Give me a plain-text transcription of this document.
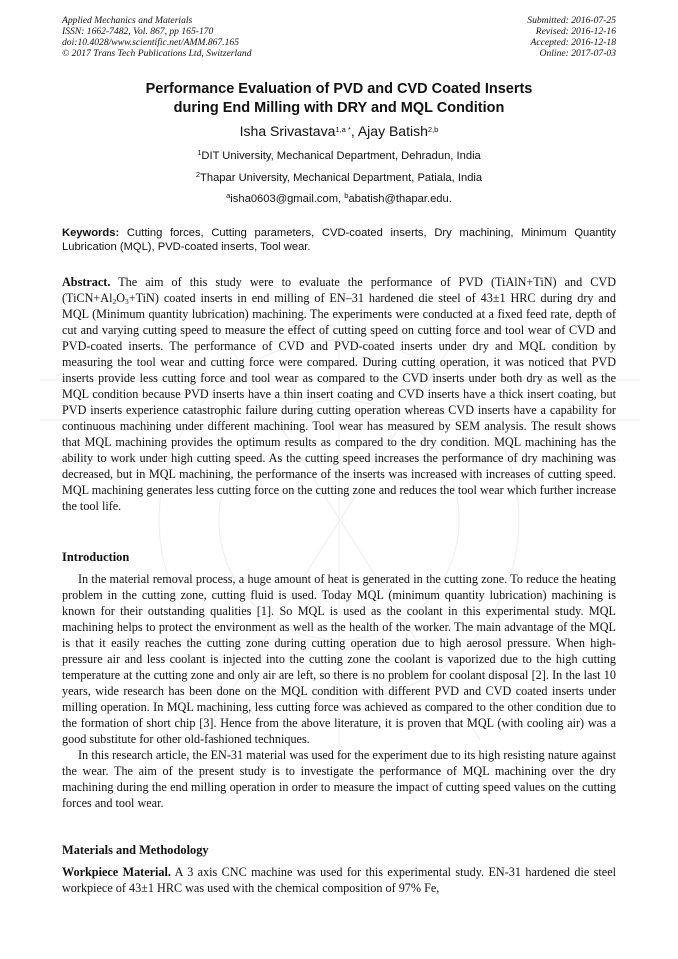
Applied Mechanics and Materials
ISSN: 1662-7482, Vol. 867, pp 165-170
doi:10.4028/www.scientific.net/AMM.867.165
© 2017 Trans Tech Publications Ltd, Switzerland
Submitted: 2016-07-25
Revised: 2016-12-16
Accepted: 2016-12-18
Online: 2017-07-03
Performance Evaluation of PVD and CVD Coated Inserts
during End Milling with DRY and MQL Condition
Isha Srivastava$^{1,a *}$, Ajay Batish$^{2,b}$
$^1$DIT University, Mechanical Department, Dehradun, India
$^2$Thapar University, Mechanical Department, Patiala, India
$^a$isha0603@gmail.com, $^b$abatish@thapar.edu.
Keywords: Cutting forces, Cutting parameters, CVD-coated inserts, Dry machining, Minimum Quantity Lubrication (MQL), PVD-coated inserts, Tool wear.

Abstract. The aim of this study were to evaluate the performance of PVD (TiAlN+TiN) and CVD $(TiCN+Al_2O_3+TiN)$ coated inserts in end milling of EN–31 hardened die steel of 43±1 HRC during dry and MQL (Minimum quantity lubrication) machining. The experiments were conducted at a fixed feed rate, depth of cut and varying cutting speed to measure the effect of cutting speed on cutting force and tool wear of CVD and PVD-coated inserts. The performance of CVD and PVD-coated inserts under dry and MQL condition by measuring the tool wear and cutting force were compared. During cutting operation, it was noticed that PVD inserts provide less cutting force and tool wear as compared to the CVD inserts under both dry as well as the MQL condition because PVD inserts have a thin insert coating and CVD inserts have a thick insert coating, but PVD inserts experience catastrophic failure during cutting operation whereas CVD inserts have a capability for continuous machining under different machining. Tool wear has measured by SEM analysis. The result shows that MQL machining provides the optimum results as compared to the dry condition. MQL machining has the ability to work under high cutting speed. As the cutting speed increases the performance of dry machining was decreased, but in MQL machining, the performance of the inserts was increased with increases of cutting speed. MQL machining generates less cutting force on the cutting zone and reduces the tool wear which further increase the tool life.

Introduction

In the material removal process, a huge amount of heat is generated in the cutting zone. To reduce the heating problem in the cutting zone, cutting fluid is used. Today MQL (minimum quantity lubrication) machining is known for their outstanding qualities [1]. So MQL is used as the coolant in this experimental study. MQL machining helps to protect the environment as well as the health of the worker. The main advantage of the MQL is that it easily reaches the cutting zone during cutting operation due to high aerosol pressure. When high-pressure air and less coolant is injected into the cutting zone the coolant is vaporized due to the high cutting temperature at the cutting zone and only air are left, so there is no problem for coolant disposal [2]. In the last 10 years, wide research has been done on the MQL condition with different PVD and CVD coated inserts under milling operation. In MQL machining, less cutting force was achieved as compared to the other condition due to the formation of short chip [3]. Hence from the above literature, it is proven that MQL (with cooling air) was a good substitute for other old-fashioned techniques.

In this research article, the EN-31 material was used for the experiment due to its high resisting nature against the wear. The aim of the present study is to investigate the performance of MQL machining over the dry machining during the end milling operation in order to measure the impact of cutting speed values on the cutting forces and tool wear.

Materials and Methodology

Workpiece Material. A 3 axis CNC machine was used for this experimental study. EN-31 hardened die steel workpiece of 43±1 HRC was used with the chemical composition of 97% Fe,
